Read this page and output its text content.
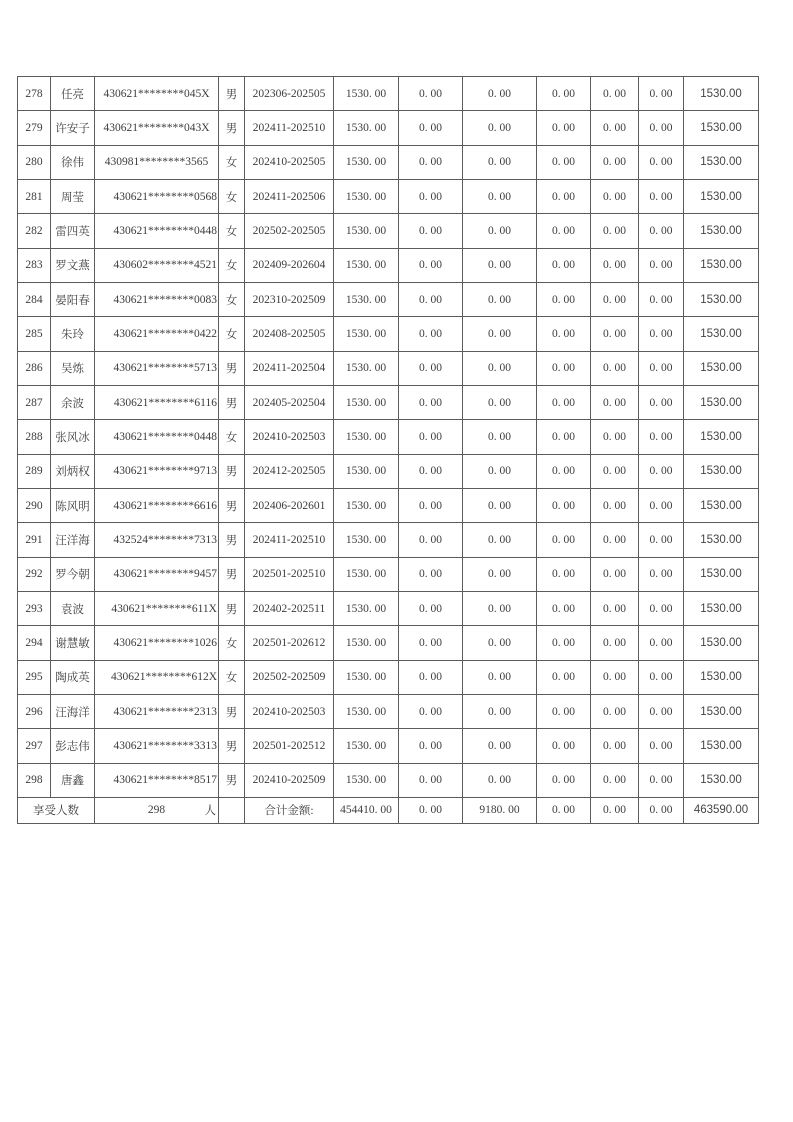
278	任亮	430621********045X	男	202306-202505	1530. 00	0. 00	0. 00	0. 00	0. 00	0. 00	1530.00
279	许安子	430621********043X	男	202411-202510	1530. 00	0. 00	0. 00	0. 00	0. 00	0. 00	1530.00
280	徐伟	430981********3565	女	202410-202505	1530. 00	0. 00	0. 00	0. 00	0. 00	0. 00	1530.00
281	周莹	430621********0568	女	202411-202506	1530. 00	0. 00	0. 00	0. 00	0. 00	0. 00	1530.00
282	雷四英	430621********0448	女	202502-202505	1530. 00	0. 00	0. 00	0. 00	0. 00	0. 00	1530.00
283	罗文燕	430602********4521	女	202409-202604	1530. 00	0. 00	0. 00	0. 00	0. 00	0. 00	1530.00
284	晏阳春	430621********0083	女	202310-202509	1530. 00	0. 00	0. 00	0. 00	0. 00	0. 00	1530.00
285	朱玲	430621********0422	女	202408-202505	1530. 00	0. 00	0. 00	0. 00	0. 00	0. 00	1530.00
286	吴炼	430621********5713	男	202411-202504	1530. 00	0. 00	0. 00	0. 00	0. 00	0. 00	1530.00
287	余波	430621********6116	男	202405-202504	1530. 00	0. 00	0. 00	0. 00	0. 00	0. 00	1530.00
288	张风冰	430621********0448	女	202410-202503	1530. 00	0. 00	0. 00	0. 00	0. 00	0. 00	1530.00
289	刘炳权	430621********9713	男	202412-202505	1530. 00	0. 00	0. 00	0. 00	0. 00	0. 00	1530.00
290	陈风明	430621********6616	男	202406-202601	1530. 00	0. 00	0. 00	0. 00	0. 00	0. 00	1530.00
291	汪洋海	432524********7313	男	202411-202510	1530. 00	0. 00	0. 00	0. 00	0. 00	0. 00	1530.00
292	罗今朝	430621********9457	男	202501-202510	1530. 00	0. 00	0. 00	0. 00	0. 00	0. 00	1530.00
293	袁波	430621********611X	男	202402-202511	1530. 00	0. 00	0. 00	0. 00	0. 00	0. 00	1530.00
294	谢慧敏	430621********1026	女	202501-202612	1530. 00	0. 00	0. 00	0. 00	0. 00	0. 00	1530.00
295	陶成英	430621********612X	女	202502-202509	1530. 00	0. 00	0. 00	0. 00	0. 00	0. 00	1530.00
296	汪海洋	430621********2313	男	202410-202503	1530. 00	0. 00	0. 00	0. 00	0. 00	0. 00	1530.00
297	彭志伟	430621********3313	男	202501-202512	1530. 00	0. 00	0. 00	0. 00	0. 00	0. 00	1530.00
298	唐鑫	430621********8517	男	202410-202509	1530. 00	0. 00	0. 00	0. 00	0. 00	0. 00	1530.00
享受人数		298 人		合计金额:	454410. 00	0. 00	9180. 00	0. 00	0. 00	0. 00	463590.00
